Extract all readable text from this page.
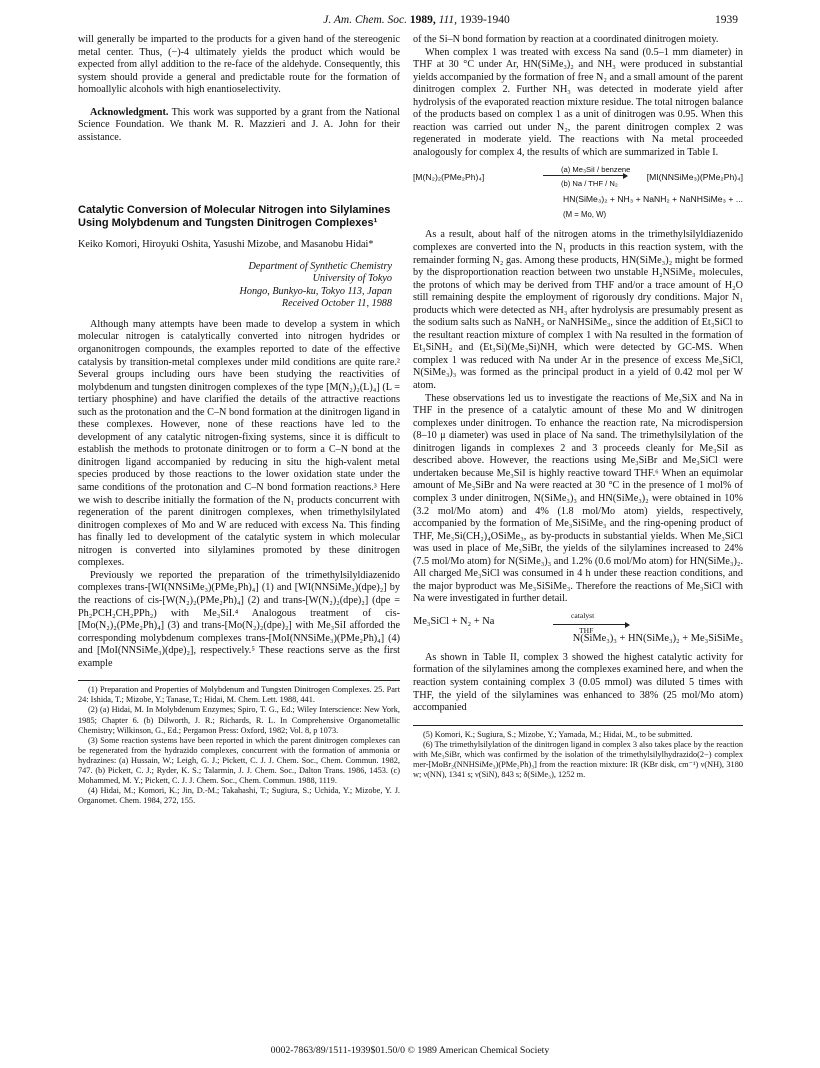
J. Am. Chem. Soc. 1989, 111, 1939-1940	1939

will generally be imparted to the products for a given hand of the stereogenic metal center. Thus, (−)-4 ultimately yields the product which would be expected from allyl addition to the re-face of the aldehyde. Consequently, this system should provide a general and predictable route for the formation of homoallylic alcohols with high enantioselectivity.

Acknowledgment. This work was supported by a grant from the National Science Foundation. We thank M. R. Mazzieri and J. A. John for their assistance.

Catalytic Conversion of Molecular Nitrogen into Silylamines Using Molybdenum and Tungsten Dinitrogen Complexes¹
Keiko Komori, Hiroyuki Oshita, Yasushi Mizobe, and Masanobu Hidai*
Department of Synthetic Chemistry
University of Tokyo
Hongo, Bunkyo-ku, Tokyo 113, Japan
Received October 11, 1988

Although many attempts have been made to develop a system in which molecular nitrogen is catalytically converted into nitrogen hydrides or organonitrogen compounds, the examples reported to date of the effective catalysis by transition-metal complexes under mild conditions are quite rare.² Several groups including ours have been studying the reactivities of molybdenum and tungsten dinitrogen complexes of the type [M(N₂)₂(L)₄] (L = tertiary phosphine) and have clarified the details of the attractive reactions such as the protonation and the C–N bond formation at the dinitrogen ligand in these complexes. However, none of these reactions have led to the development of any catalytic nitrogen-fixing systems, since it is difficult to establish the methods to protonate dinitrogen or to form a C–N bond at the dinitrogen ligand accompanied by reducing in situ the high-valent metal species produced by those reactions to the lower oxidation state under the same conditions of the protonation and C–N bond formation reactions.³ Here we wish to describe initially the formation of the N₁ products concurrent with regeneration of the parent dinitrogen complexes, when trimethylsilylated dinitrogen complexes of Mo and W are reduced with excess Na. This finding has finally led to development of the catalytic system in which molecular nitrogen is converted into silylamines promoted by these dinitrogen complexes.

Previously we reported the preparation of the trimethylsilyldiazenido complexes trans-[WI(NNSiMe₃)(PMe₂Ph)₄] (1) and [WI(NNSiMe₃)(dpe)₂] by the reactions of cis-[W(N₂)₂(PMe₂Ph)₄] (2) and trans-[W(N₂)₂(dpe)₂] (dpe = Ph₂PCH₂CH₂PPh₂) with Me₃SiI.⁴ Analogous treatment of cis-[Mo(N₂)₂(PMe₂Ph)₄] (3) and trans-[Mo(N₂)₂(dpe)₂] with Me₃SiI afforded the corresponding molybdenum complexes trans-[MoI(NNSiMe₃)(PMe₂Ph)₄] (4) and [MoI(NNSiMe₃)(dpe)₂], respectively.⁵ These reactions serve as the first example

(1) Preparation and Properties of Molybdenum and Tungsten Dinitrogen Complexes. 25. Part 24: Ishida, T.; Mizobe, Y.; Tanase, T.; Hidai, M. Chem. Lett. 1988, 441.

(2) (a) Hidai, M. In Molybdenum Enzymes; Spiro, T. G., Ed.; Wiley Interscience: New York, 1985; Chapter 6. (b) Dilworth, J. R.; Richards, R. L. In Comprehensive Organometallic Chemistry; Wilkinson, G., Ed.; Pergamon Press: Oxford, 1982; Vol. 8, p 1073.

(3) Some reaction systems have been reported in which the parent dinitrogen complexes can be regenerated from the hydrazido complexes, concurrent with the formation of ammonia or hydrazines: (a) Hussain, W.; Leigh, G. J.; Pickett, C. J. J. Chem. Soc., Chem. Commun. 1982, 747. (b) Pickett, C. J.; Ryder, K. S.; Talarmin, J. J. Chem. Soc., Dalton Trans. 1986, 1453. (c) Mohammed, M. Y.; Pickett, C. J. J. Chem. Soc., Chem. Commun. 1988, 1119.

(4) Hidai, M.; Komori, K.; Jin, D.-M.; Takahashi, T.; Sugiura, S.; Uchida, Y.; Mizobe, Y. J. Organomet. Chem. 1984, 272, 155.

of the Si–N bond formation by reaction at a coordinated dinitrogen moiety.

When complex 1 was treated with excess Na sand (0.5–1 mm diameter) in THF at 30 °C under Ar, HN(SiMe₃)₂ and NH₃ were produced in substantial yields accompanied by the formation of free N₂ and a small amount of the parent dinitrogen complex 2. Further NH₃ was detected in moderate yield after hydrolysis of the evaporated reaction mixture residue. The total nitrogen balance of the products based on complex 1 as a unit of dinitrogen was 0.95. When this reaction was carried out under N₂, the parent dinitrogen complex 2 was regenerated in moderate yield. The reactions with Na metal proceeded analogously for complex 4, the results of which are summarized in Table I.

[M(N₂)₂(PMe₂Ph)₄]
(a) Me₃SiI / benzene
(b) Na / THF / N₂
[MI(NNSiMe₃)(PMe₂Ph)₄]
HN(SiMe₃)₂ + NH₃ + NaNH₂ + NaNHSiMe₃ + ...
(M = Mo, W)

As a result, about half of the nitrogen atoms in the trimethylsilyldiazenido complexes are converted into the N₁ products in this reaction system, with the remainder forming N₂ gas. Among these products, HN(SiMe₃)₂ might be formed by the disproportionation reaction between two unstable H₂NSiMe₃ molecules, the protons of which may be derived from THF and/or a trace amount of H₂O still remaining despite the employment of rigorously dry conditions. Major N₁ products which were detected as NH₃ after hydrolysis are presumably present as the sodium salts such as NaNH₂ or NaNHSiMe₃, since the addition of Et₃SiCl to the resultant reaction mixture of complex 1 with Na resulted in the formation of Et₃SiNH₂ and (Et₃Si)(Me₃Si)NH, which were detected by GC-MS. When complex 1 was reduced with Na under Ar in the presence of excess Me₃SiCl, N(SiMe₃)₃ was formed as the principal product in a yield of 0.42 mol per W atom.

These observations led us to investigate the reactions of Me₃SiX and Na in THF in the presence of a catalytic amount of these Mo and W dinitrogen complexes under dinitrogen. To enhance the reaction rate, Na microdispersion (8–10 μ diameter) was used in place of Na sand. The trimethylsilylation of the dinitrogen ligands in complexes 2 and 3 proceeds cleanly for Me₃SiI as described above. However, the reactions using Me₃SiBr and Me₃SiCl were undertaken because Me₃SiI is highly reactive toward THF.⁶ When an equimolar amount of Me₃SiBr and Na were reacted at 30 °C in the presence of 1 mol% of complex 3 under dinitrogen, N(SiMe₃)₃ and HN(SiMe₃)₂ were obtained in 10% (3.2 mol/Mo atom) and 4% (1.8 mol/Mo atom) yields, respectively, accompanied by the formation of Me₃SiSiMe₃ and the ring-opening product of THF, Me₃Si(CH₂)₄OSiMe₃, as by-products in substantial yields. When Me₃SiCl was used in place of Me₃SiBr, the yields of the silylamines increased to 24% (7.5 mol/Mo atom) for N(SiMe₃)₃ and 1.2% (0.6 mol/Mo atom) for HN(SiMe₃)₂. All charged Me₃SiCl was consumed in 4 h under these reaction conditions, and the major byproduct was Me₃SiSiMe₃. Therefore the reactions of Me₃SiCl with Na were investigated in further detail.

Me₃SiCl + N₂ + Na
catalyst
THF
N(SiMe₃)₃ + HN(SiMe₃)₂ + Me₃SiSiMe₃

As shown in Table II, complex 3 showed the highest catalytic activity for formation of the silylamines among the complexes examined here, and when the reaction system containing complex 3 (0.05 mmol) was diluted 5 times with THF, the yield of the silylamines was enhanced to 38% (25 mol/Mo atom) accompanied

(5) Komori, K.; Sugiura, S.; Mizobe, Y.; Yamada, M.; Hidai, M., to be submitted.

(6) The trimethylsilylation of the dinitrogen ligand in complex 3 also takes place by the reaction with Me₃SiBr, which was confirmed by the isolation of the trimethylsilylhydrazido(2−) complex mer-[MoBr₂(NNHSiMe₃)(PMe₂Ph)₃] from the reaction mixture: IR (KBr disk, cm⁻¹) ν(NH), 3180 w; ν(NN), 1341 s; ν(SiN), 843 s; δ(SiMe₃), 1252 m.

0002-7863/89/1511-1939$01.50/0 © 1989 American Chemical Society
